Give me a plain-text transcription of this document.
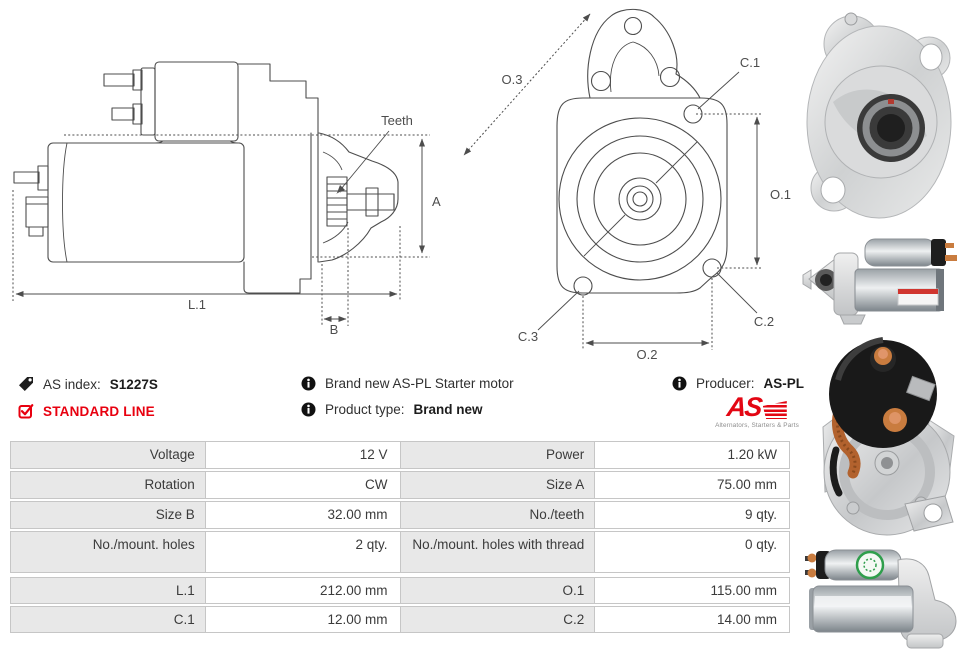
L.1
B
A
Teeth
O.3
C.1
O.1
C.2
C.3
O.2

AS index: S1227S
STANDARD LINE
Brand new AS-PL Starter motor
Product type: Brand new
Producer: AS-PL
AS
Alternators, Starters & Parts
Voltage	12 V	Power	1.20 kW
Rotation	CW	Size A	75.00 mm
Size B	32.00 mm	No./teeth	9 qty.
No./mount. holes	2 qty.	No./mount. holes with thread	0 qty.
L.1	212.00 mm	O.1	115.00 mm
C.1	12.00 mm	C.2	14.00 mm
